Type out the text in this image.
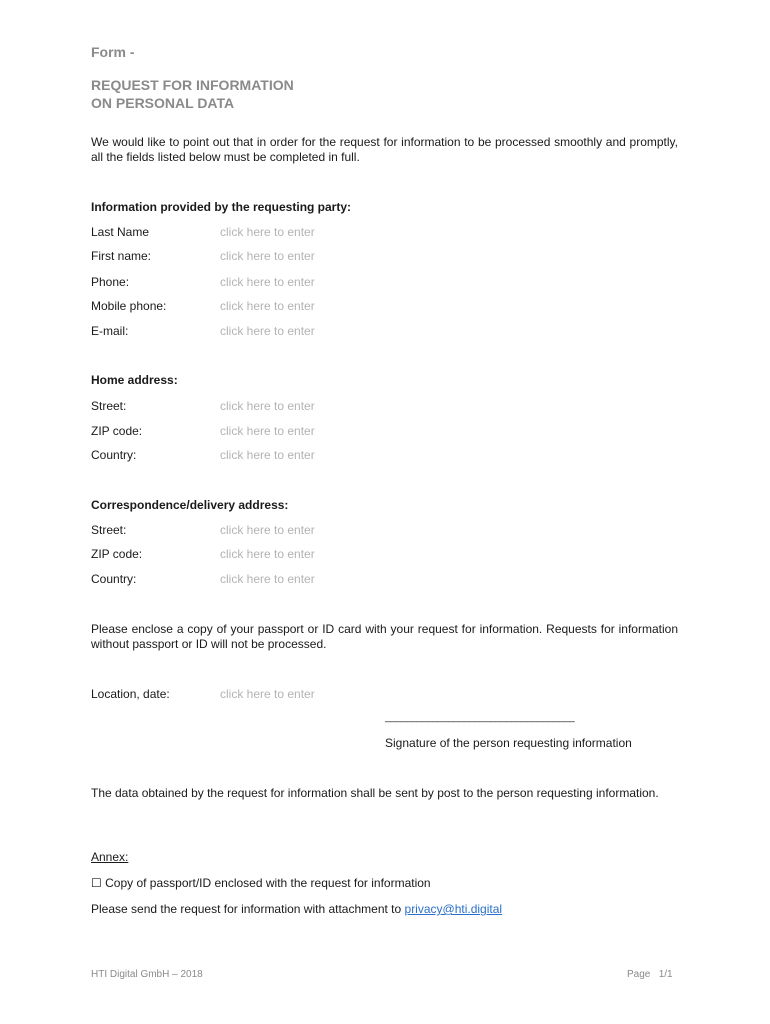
Form -
REQUEST FOR INFORMATION
ON PERSONAL DATA
We would like to point out that in order for the request for information to be processed smoothly and promptly, all the fields listed below must be completed in full.
Information provided by the requesting party:
Last Name	click here to enter
First name:	click here to enter
Phone:	click here to enter
Mobile phone:	click here to enter
E-mail:	click here to enter
Home address:
Street:	click here to enter
ZIP code:	click here to enter
Country:	click here to enter
Correspondence/delivery address:
Street:	click here to enter
ZIP code:	click here to enter
Country:	click here to enter
Please enclose a copy of your passport or ID card with your request for information. Requests for information without passport or ID will not be processed.
Location, date:	click here to enter
____________________________________
Signature of the person requesting information
The data obtained by the request for information shall be sent by post to the person requesting information.
Annex:
☐ Copy of passport/ID enclosed with the request for information
Please send the request for information with attachment to privacy@hti.digital
HTI Digital GmbH – 2018	Page   1/1
